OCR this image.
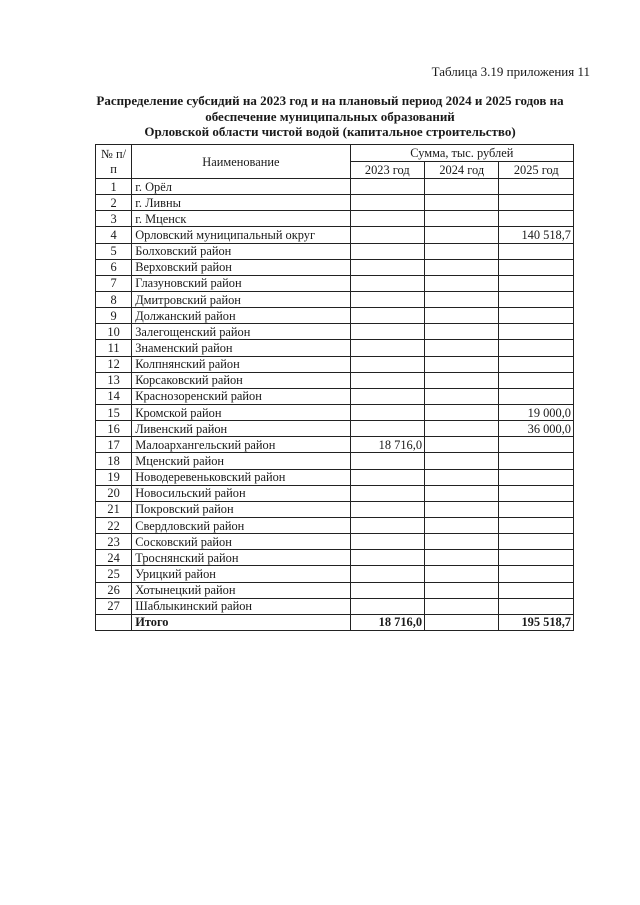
Таблица 3.19 приложения 11
Распределение субсидий на 2023 год и на плановый период 2024 и 2025 годов на
обеспечение муниципальных образований
Орловской области чистой водой (капитальное строительство)
№ п/п	Наименование	Сумма, тыс. рублей		
		2023 год	2024 год	2025 год
1	г. Орёл			
2	г. Ливны			
3	г. Мценск			
4	Орловский муниципальный округ			140 518,7
5	Болховский район			
6	Верховский район			
7	Глазуновский район			
8	Дмитровский район			
9	Должанский район			
10	Залегощенский район			
11	Знаменский район			
12	Колпнянский район			
13	Корсаковский район			
14	Краснозоренский район			
15	Кромской район			19 000,0
16	Ливенский район			36 000,0
17	Малоархангельский район	18 716,0		
18	Мценский район			
19	Новодеревеньковский район			
20	Новосильский район			
21	Покровский район			
22	Свердловский район			
23	Сосковский район			
24	Троснянский район			
25	Урицкий район			
26	Хотынецкий район			
27	Шаблыкинский район			
	Итого	18 716,0		195 518,7
